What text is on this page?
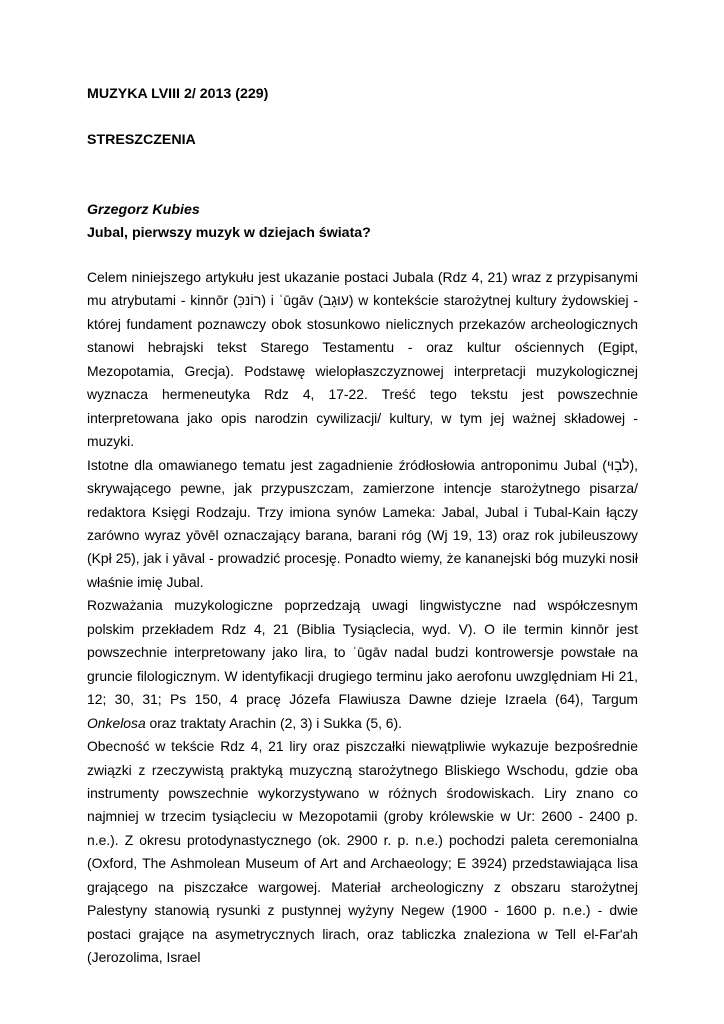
MUZYKA LVIII 2/ 2013 (229)
STRESZCZENIA
Grzegorz Kubies
Jubal, pierwszy muzyk w dziejach świata?

Celem niniejszego artykułu jest ukazanie postaci Jubala (Rdz 4, 21) wraz z przypisanymi mu atrybutami - kinnōr (רוֹנּכִּ) i ʿūgāv (עוּגָב) w kontekście starożytnej kultury żydowskiej - której fundament poznawczy obok stosunkowo nielicznych przekazów archeologicznych stanowi hebrajski tekst Starego Testamentu - oraz kultur ościennych (Egipt, Mezopotamia, Grecja). Podstawę wielopłaszczyznowej interpretacji muzykologicznej wyznacza hermeneutyka Rdz 4, 17-22. Treść tego tekstu jest powszechnie interpretowana jako opis narodzin cywilizacji/ kultury, w tym jej ważnej składowej - muzyki.

Istotne dla omawianego tematu jest zagadnienie źródłosłowia antroponimu Jubal (לבָוּי), skrywającego pewne, jak przypuszczam, zamierzone intencje starożytnego pisarza/ redaktora Księgi Rodzaju. Trzy imiona synów Lameka: Jabal, Jubal i Tubal-Kain łączy zarówno wyraz yōvēl oznaczający barana, barani róg (Wj 19, 13) oraz rok jubileuszowy (Kpł 25), jak i yāval - prowadzić procesję. Ponadto wiemy, że kananejski bóg muzyki nosił właśnie imię Jubal.

Rozważania muzykologiczne poprzedzają uwagi lingwistyczne nad współczesnym polskim przekładem Rdz 4, 21 (Biblia Tysiąclecia, wyd. V). O ile termin kinnōr jest powszechnie interpretowany jako lira, to ʿūgāv nadal budzi kontrowersje powstałe na gruncie filologicznym. W identyfikacji drugiego terminu jako aerofonu uwzględniam Hi 21, 12; 30, 31; Ps 150, 4 pracę Józefa Flawiusza Dawne dzieje Izraela (64), Targum Onkelosa oraz traktaty Arachin (2, 3) i Sukka (5, 6).

Obecność w tekście Rdz 4, 21 liry oraz piszczałki niewątpliwie wykazuje bezpośrednie związki z rzeczywistą praktyką muzyczną starożytnego Bliskiego Wschodu, gdzie oba instrumenty powszechnie wykorzystywano w różnych środowiskach. Liry znano co najmniej w trzecim tysiącleciu w Mezopotamii (groby królewskie w Ur: 2600 - 2400 p. n.e.). Z okresu protodynastycznego (ok. 2900 r. p. n.e.) pochodzi paleta ceremonialna (Oxford, The Ashmolean Museum of Art and Archaeology; E 3924) przedstawiająca lisa grającego na piszczałce wargowej. Materiał archeologiczny z obszaru starożytnej Palestyny stanowią rysunki z pustynnej wyżyny Negew (1900 - 1600 p. n.e.) - dwie postaci grające na asymetrycznych lirach, oraz tabliczka znaleziona w Tell el-Far'ah (Jerozolima, Israel
